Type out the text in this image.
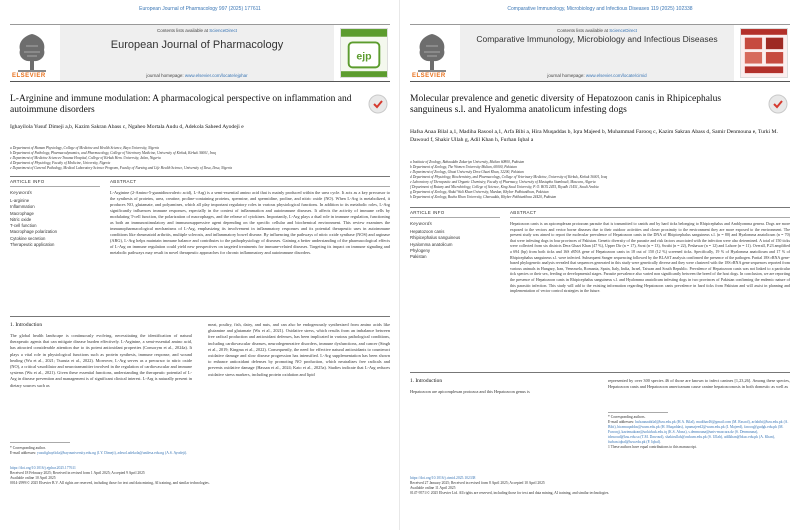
European Journal of Pharmacology 997 (2025) 177611
ELSEVIER
Contents lists available at ScienceDirect
European Journal of Pharmacology
journal homepage: www.elsevier.com/locate/ejphar
ejp
L-Arginine and immune modulation: A pharmacological perspective on inflammation and autoimmune disorders
Ighayilola Yusuf Dimeji a,b, Kazim Sakran Abass c, Ngaheo Mortala Audu d, Adekola Saheed Ayodeji e
a Department of Human Physiology, College of Medicine and Health Science, Bayo University, Nigeria
b Department of Pathology, Pharmacodynamics, and Pharmacology, College of Veterinary Medicine, University of Kirkuk, Kirkuk 36001, Iraq
c Department of Medicine Sciences-Trauma Hospital, College of Kirkuk Hem. University, Jalan, Nigeria
d Department of Physiology, Faculty of Medicine, University, Nigeria
e Department of General Pathology, Medical Laboratory Science Program, Faculty of Nursing and Life Health Science, University of Ilesa, Ilesa, Nigeria
ARTICLE INFO	ABSTRACT
Keywords
L-arginine
Inflammation
Macrophage
Nitric oxide
T-cell function
Macrophage polarization
Cytokine secretion
Therapeutic application
L-Arginine (2-Amino-5-guanidinovaleric acid), L-Arg) is a semi-essential amino acid that is mainly produced within the urea cycle. It acts as a key precursor to the synthesis of proteins, urea, creatine, proline-containing proteins, spermine, and spermidine, proline, and nitric oxide (NO). When L-Arg is metabolized, it produces NO, glutamate, and polyamines, which all play important regulatory roles in various physiological functions. In addition to its metabolic roles, L-Arg significantly influences immune responses, especially in the context of inflammation and autoimmune diseases. It affects the activity of immune cells by modulating T-cell function, the polarization of macrophages, and the release of cytokines. Importantly, L-Arg plays a dual role in immune regulation, functioning as both an immunostimulatory and immunosuppressive agent depending on the specific cellular and biochemical environment. This review examines the immunopharmacological mechanisms of L-Arg, emphasizing its involvement in inflammatory responses and its potential therapeutic uses in autoimmune conditions like rheumatoid arthritis, multiple sclerosis, and inflammatory bowel disease. By influencing the pathways of nitric oxide synthase (NOS) and arginase (ARG), L-Arg helps maintain immune balance and contributes to the pathophysiology of diseases. Gaining a better understanding of the pharmacological effects of L-Arg on immune regulation could yield new perspectives on targeted treatments for immune-related diseases. Targeting its impact on immune signaling and metabolic pathways may result in novel therapeutic approaches for chronic inflammatory and autoimmune disorders.
1. Introduction
The global health landscape is continuously evolving, necessitating the identification of natural therapeutic agents that can mitigate disease burden effectively. L-Arginine, a semi-essential amino acid, has attracted considerable attention due to its potent antioxidant properties (Consorym et al., 2024a). It plays a vital role in physiological functions such as protein synthesis, immune response, and wound healing (Wu et al., 2021; Tsuruta et al., 2022). Moreover, L-Arg serves as a precursor to nitric oxide (NO), a critical vasodilator and neurotransmitter involved in the regulation of cardiovascular and immune systems (Wu et al., 2021). Given these essential functions, understanding the therapeutic potential of L-Arg in disease prevention and management is of significant clinical interest. L-Arg is naturally present in dietary sources such as
meat, poultry, fish, dairy, and nuts, and can also be endogenously synthesized from amino acids like glutamine and glutamate (Wu et al., 2021). Oxidative stress, which results from an imbalance between free radical production and antioxidant defenses, has been implicated in various pathological conditions, including cardiovascular diseases, neurodegenerative disorders, immune dysfunctions, and cancer (Singh et al., 2019; Kingma et al., 2022). Consequently, the need for effective natural antioxidants to counteract oxidative damage and slow disease progression has intensified. L-Arg supplementation has been shown to enhance antioxidant defenses by promoting NO production, which neutralizes free radicals and prevents oxidative damage (Hassan et al., 2024; Kato et al., 2025a). Studies indicate that L-Arg reduces oxidative stress markers, including protein oxidation and lipid
* Corresponding author.
E-mail addresses: yusufighayilola@bayouniversity.edu.ng (I.Y. Dimeji), adesol.adekola@unilesa.edu.ng (A.S. Ayodeji).
https://doi.org/10.1016/j.ejphar.2025.177611
Received 18 February 2025; Received in revised form 1 April 2025; Accepted 9 April 2025
Available online 10 April 2025
0014-2999/© 2025 Elsevier B.V. All rights are reserved, including those for text and data mining, AI training, and similar technologies.
Comparative Immunology, Microbiology and Infectious Diseases 119 (2025) 102338
ELSEVIER
Contents lists available at ScienceDirect
Comparative Immunology, Microbiology and Infectious Diseases
journal homepage: www.elsevier.com/locate/cimid
Molecular prevalence and genetic diversity of Hepatozoon canis in Rhipicephalus sanguineus s.l. and Hyalomma anatolicum infesting dogs
Hafsa Anaa Bilal a,1, Madiha Rasool a,1, Arfa Bibi a, Hira Muqaddas b, Iqra Majeed b, Muhammad Farooq c, Kazim Sakran Abass d, Samir Denmouna e, Turki M. Dawoud f, Shakir Ullah g, Adil Khan h, Furhan Iqbal a
a Institute of Zoology, Bahauddin Zakariya University, Multan 60800, Pakistan
b Department of Zoology, The Women University Multan, 60000, Pakistan
c Department of Zoology, Ghazi University Dera Ghazi Khan, 32200, Pakistan
d Department of Physiology, Biochemistry, and Pharmacology, College of Veterinary Medicine, University of Kirkuk, Kirkuk 36001, Iraq
e Laboratory of Therapeutic and Organic Chemistry, Faculty of Pharmacy, University of Mustapha Stambouli, Mascara, Algeria
f Department of Botany and Microbiology, College of Science, King Saud University, P. O. BOX 2455, Riyadh 11451, Saudi Arabia
g Department of Zoology, Abdul Wali Khan University, Mardan, Khyber Pakhtunkhwa, Pakistan
h Department of Zoology, Bacha Khan University, Charsadda, Khyber Pakhtunkhwa 24420, Pakistan
ARTICLE INFO	ABSTRACT
Keywords
Hepatozoon canis
Rhipicephalus sanguineus
Hyalomma anatolicum
Phylogeny
Pakistan
Hepatozoon canis is an apicomplexan protozoan parasite that is transmitted to canids and by hard ticks belonging to Rhipicephalus and Amblyomma genera. Dogs are more exposed to the vectors and vector borne diseases due to their outdoor activities and closer proximity to the environment they are more exposed to the environment. The present study was aimed to report the molecular prevalence of Hepatozoon canis in the DNA of Rhipicephalus sanguineus s.l. (n = 80) and Hyalomma anatolicum (n = 70) that were infesting dogs in four provinces of Pakistan. Genetic diversity of the parasite and risk factors associated with the infection were also determined. A total of 150 ticks were collected from six districts Dera Ghazi Khan (47 %), Upper Dir (n = 17), Swat (n = 13), Swabi (n = 22), Peshawar (n = 12) and Lahore (n = 11). Overall, P.23 amplified a 694 (bp) from both ticks and 16S rRNA gene of Hepatozoon canis in 18 out of 150 (12 %) screened ticks. Specifically, 19 % of Hyalomma anatolicum and 17 % of Rhipicephalus sanguineus s.l. were infected. Subsequent Sanger sequencing followed by the BLAST analysis confirmed the presence of the pathogen. Partial 18S rRNA gene-based phylogenetic analysis revealed that sequences generated in this study were genetically diverse and they were clustered with the 18S rRNA gene sequences reported from various animals in Hungary, Iran, Venezuela, Romania, Spain, Italy, India, Israel, Taiwan and South Republic. Prevalence of Hepatozoon canis was not linked to a particular tick species or their sex, feeding or developmental stages. Parasite prevalence also varied non significantly between the breed of the host dogs. In conclusion, we are reporting the presence of Hepatozoon canis in Rhipicephalus sanguineus s.l. and Hyalomma anatolicum infesting dogs in two provinces of Pakistan confirming the endemic nature of this parasitic infection. This study will add to the existing information regarding Hepatozoon canis prevalence in hard ticks from Pakistan and will assist in planning and implementation of vector control strategies in the future.
1. Introduction
Hepatozoon are apicomplexan protozoa and this Hepatozoon genus is
represented by over 300 species 46 of those are known to infect canines [1,23,26]. Among these species, Hepatozoon canis and Hepatozoon americanum cause canine hepatozoonosis in both domestic as well as
* Corresponding authors.
E-mail addresses: hafsaanaabilal@bzu.edu.pk (H.A. Bilal), madihar46@gmail.com (M. Rasool), arfabibi@bzu.edu.pk (A. Bibi), hiramuqaddas@wum.edu.pk (H. Muqaddas), iqramajeed2@wum.edu.pk (I. Majeed), farooq@gudgk.edu.pk (M. Farooq), kazimsakran@uokirkuk.edu.iq (K.S. Abass), s.denmouna@univ-mascara.dz (S. Denmouna), tdawoud@ksu.edu.sa (T.M. Dawoud), shakirullah@awkum.edu.pk (S. Ullah), adilkhan@bkuc.edu.pk (A. Khan), furhan.iqbal@bzu.edu.pk (F. Iqbal).
1 These authors have equal contributions to this manuscript.
https://doi.org/10.1016/j.cimid.2025.102338
Received 27 January 2025; Received in revised form 8 April 2025; Accepted 10 April 2025
Available online 11 April 2025
0147-9571/© 2025 Elsevier Ltd. All rights are reserved, including those for text and data mining, AI training, and similar technologies.
